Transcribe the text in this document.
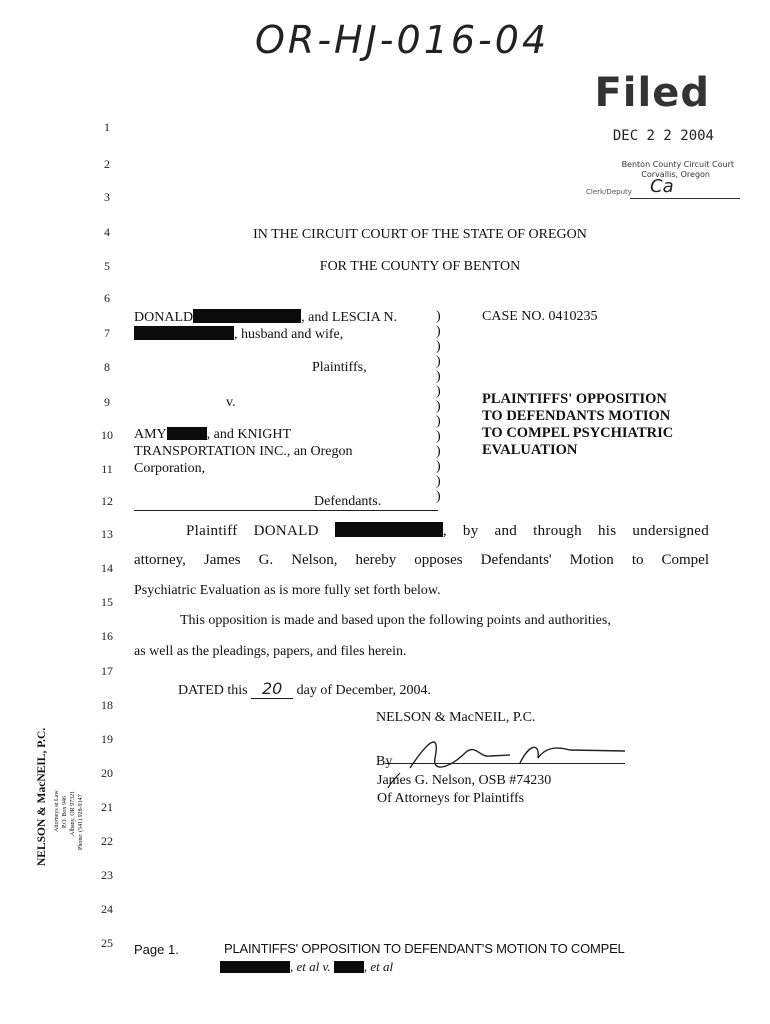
OR-HJ-016-04
Filed
DEC 2 2 2004
Benton County Circuit Court
Corvallis, Oregon
Clerk/Deputy Ca
1
2
3
4
5
6
7
8
9
10
11
12
13
14
15
16
17
18
19
20
21
22
23
24
25
IN THE CIRCUIT COURT OF THE STATE OF OREGON
FOR THE COUNTY OF BENTON
DONALD	, and LESCIA N.
, husband and wife,
Plaintiffs,
v.
AMY	, and KNIGHT
TRANSPORTATION INC., an Oregon
Corporation,
Defendants.
)
)
)
)
)
)
)
)
)
)
)
)
)
CASE NO. 0410235
PLAINTIFFS' OPPOSITION
TO DEFENDANTS MOTION
TO COMPEL PSYCHIATRIC
EVALUATION
Plaintiff DONALD	, by and through his undersigned
attorney, James G. Nelson, hereby opposes Defendants' Motion to Compel
Psychiatric Evaluation as is more fully set forth below.
This opposition is made and based upon the following points and authorities,
as well as the pleadings, papers, and files herein.
DATED this 20 day of December, 2004.
NELSON & MacNEIL, P.C.
By
James G. Nelson, OSB #74230
Of Attorneys for Plaintiffs
NELSON & MacNEIL, P.C. Attorneys at Law P.O. Box 946 Albany, OR 97321 Phone: (541) 928-9147
Page 1.	PLAINTIFFS' OPPOSITION TO DEFENDANT'S MOTION TO COMPEL
, et al v.	, et al
